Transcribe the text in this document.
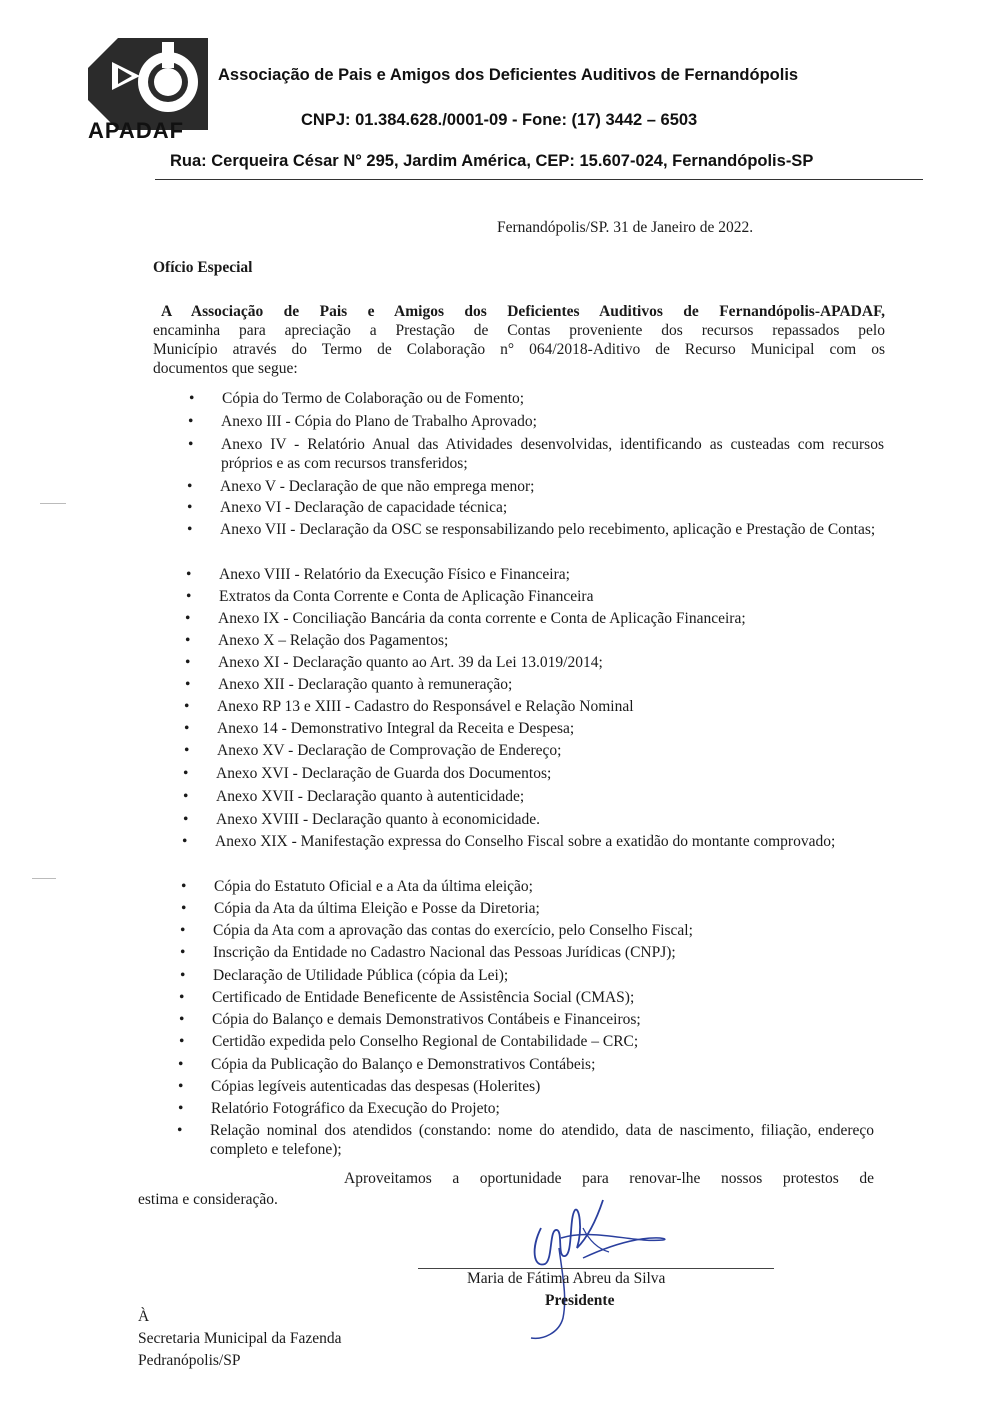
APADAF
Associação de Pais e Amigos dos Deficientes Auditivos de Fernandópolis
CNPJ: 01.384.628./0001-09 - Fone: (17) 3442 – 6503
Rua: Cerqueira César N° 295, Jardim América, CEP: 15.607-024, Fernandópolis-SP
Fernandópolis/SP. 31 de Janeiro de 2022.
Ofício Especial

A Associação de Pais e Amigos dos Deficientes Auditivos de Fernandópolis-APADAF,

encaminha para apreciação a Prestação de Contas proveniente dos recursos repassados pelo

Município através do Termo de Colaboração n° 064/2018-Aditivo de Recurso Municipal com os

documentos que segue:

• Cópia do Termo de Colaboração ou de Fomento;
• Anexo III - Cópia do Plano de Trabalho Aprovado;
• Anexo IV - Relatório Anual das Atividades desenvolvidas, identificando as custeadas com recursos próprios e as com recursos transferidos;
• Anexo V - Declaração de que não emprega menor;
• Anexo VI - Declaração de capacidade técnica;
• Anexo VII - Declaração da OSC se responsabilizando pelo recebimento, aplicação e Prestação de Contas;
• Anexo VIII - Relatório da Execução Físico e Financeira;
• Extratos da Conta Corrente e Conta de Aplicação Financeira
• Anexo IX - Conciliação Bancária da conta corrente e Conta de Aplicação Financeira;
• Anexo X – Relação dos Pagamentos;
• Anexo XI - Declaração quanto ao Art. 39 da Lei 13.019/2014;
• Anexo XII - Declaração quanto à remuneração;
• Anexo RP 13 e XIII - Cadastro do Responsável e Relação Nominal
• Anexo 14 - Demonstrativo Integral da Receita e Despesa;
• Anexo XV - Declaração de Comprovação de Endereço;
• Anexo XVI - Declaração de Guarda dos Documentos;
• Anexo XVII - Declaração quanto à autenticidade;
• Anexo XVIII - Declaração quanto à economicidade.
• Anexo XIX - Manifestação expressa do Conselho Fiscal sobre a exatidão do montante comprovado;
• Cópia do Estatuto Oficial e a Ata da última eleição;
• Cópia da Ata da última Eleição e Posse da Diretoria;
• Cópia da Ata com a aprovação das contas do exercício, pelo Conselho Fiscal;
• Inscrição da Entidade no Cadastro Nacional das Pessoas Jurídicas (CNPJ);
• Declaração de Utilidade Pública (cópia da Lei);
• Certificado de Entidade Beneficente de Assistência Social (CMAS);
• Cópia do Balanço e demais Demonstrativos Contábeis e Financeiros;
• Certidão expedida pelo Conselho Regional de Contabilidade – CRC;
• Cópia da Publicação do Balanço e Demonstrativos Contábeis;
• Cópias legíveis autenticadas das despesas (Holerites)
• Relatório Fotográfico da Execução do Projeto;
• Relação nominal dos atendidos (constando: nome do atendido, data de nascimento, filiação, endereço completo e telefone);
Aproveitamos a oportunidade para renovar-lhe nossos protestos de
estima e consideração.
Maria de Fátima Abreu da Silva
Presidente
À
Secretaria Municipal da Fazenda
Pedranópolis/SP
